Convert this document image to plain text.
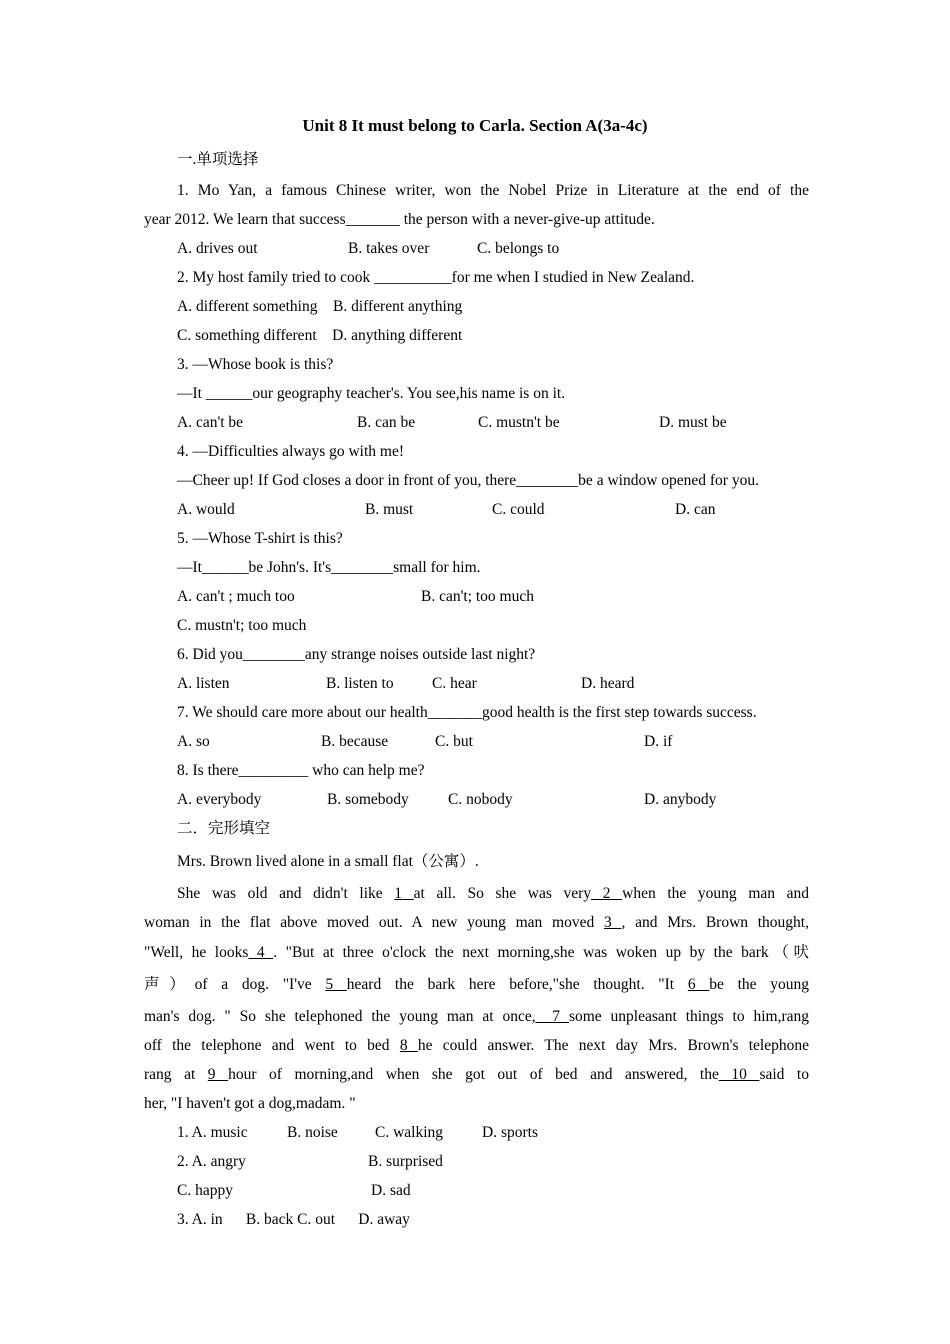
Unit 8 It must belong to Carla. Section A(3a-4c)
一.单项选择
1. Mo Yan, a famous Chinese writer, won the Nobel Prize in Literature at the end of the
year 2012. We learn that success_______ the person with a never-give-up attitude.
A. drives out	B. takes over	C. belongs to
2. My host family tried to cook __________for me when I studied in New Zealand.
A. different something    B. different anything
C. something different    D. anything different
3. —Whose book is this?
—It ______our geography teacher's. You see,his name is on it.
A. can't be	B. can be	C. mustn't be	D. must be
4. —Difficulties always go with me!
—Cheer up! If God closes a door in front of you, there________be a window opened for you.
A. would	B. must	C. could	D. can
5. —Whose T-shirt is this?
—It______be John's. It's________small for him.
A. can't ; much too	B. can't; too much
C. mustn't; too much
6. Did you________any strange noises outside last night?
A. listen	B. listen to C. hear	D. heard
7. We should care more about our health_______good health is the first step towards success.
A. so	B. because	C. but	D. if
8. Is there_________ who can help me?
A. everybody	B. somebody	C. nobody	D. anybody
二．完形填空
Mrs. Brown lived alone in a small flat（公寓）.
She was old and didn't like 1 at all. So she was very 2 when the young man and
woman in the flat above moved out. A new young man moved 3 , and Mrs. Brown thought,
"Well, he looks 4 . "But at three o'clock the next morning,she was woken up by the bark（吠
声）of a dog. "I've 5 heard the bark here before,"she thought. "It 6 be the young
man's dog. " So she telephoned the young man at once,_ 7 some unpleasant things to him,rang
off the telephone and went to bed 8 he could answer. The next day Mrs. Brown's telephone
rang at 9 hour of morning,and when she got out of bed and answered, the 10 said to
her, "I haven't got a dog,madam. "
1. A. music	B. noise C. walking	D. sports
2. A. angry	B. surprised
C. happy	D. sad
3. A. in      B. back C. out      D. away
